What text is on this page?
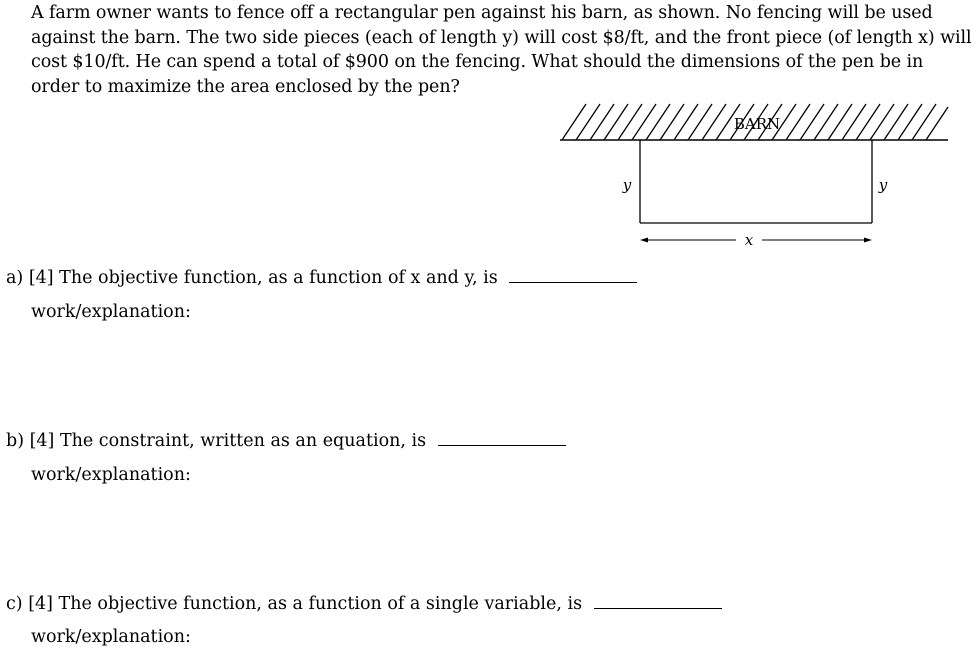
A farm owner wants to fence off a rectangular pen against his barn, as shown. No fencing will be used against the barn. The two side pieces (each of length y) will cost $8/ft, and the front piece (of length x) will cost $10/ft. He can spend a total of $900 on the fencing. What should the dimensions of the pen be in order to maximize the area enclosed by the pen?

BARN
y	y
x
a) [4] The objective function, as a function of x and y, is
work/explanation:
b) [4] The constraint, written as an equation, is
work/explanation:
c) [4] The objective function, as a function of a single variable, is
work/explanation:
